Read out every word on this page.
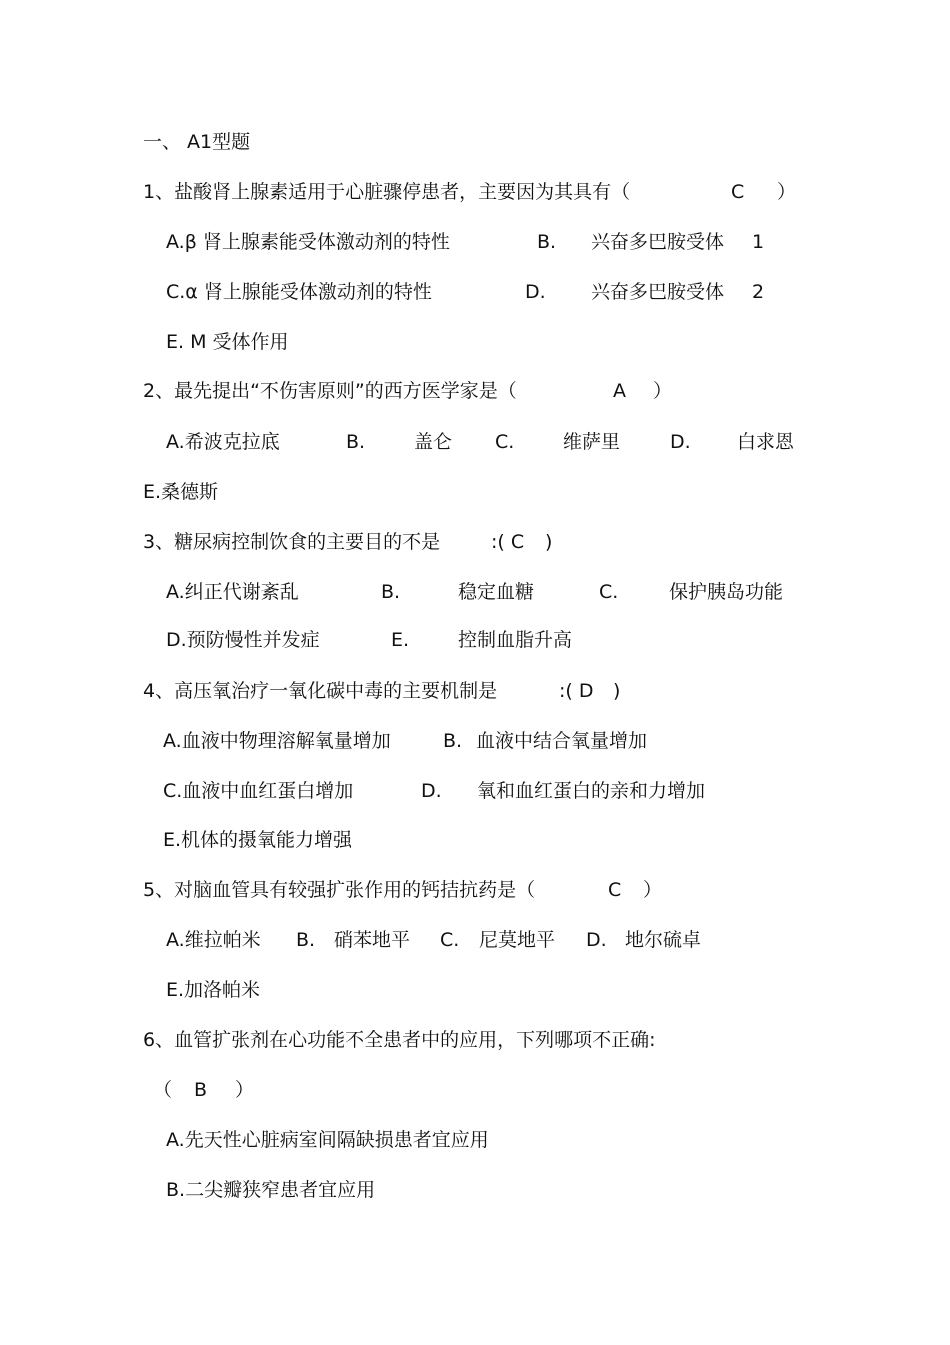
一、 A1型题
1、盐酸肾上腺素适用于心脏骤停患者，主要因为其具有（	C ）
A.β 肾上腺素能受体激动剂的特性	B. 兴奋多巴胺受体 1
C.α 肾上腺能受体激动剂的特性	D. 兴奋多巴胺受体 2
E. M 受体作用
2、最先提出“不伤害原则”的西方医学家是（	A ）
A.希波克拉底	B.	盖仑 C.	维萨里	D. 白求恩
E.桑德斯
3、糖尿病控制饮食的主要目的不是	:( C )
A.纠正代谢紊乱	B.	稳定血糖	C.	保护胰岛功能
D.预防慢性并发症	E.	控制血脂升高
4、高压氧治疗一氧化碳中毒的主要机制是	:( D )
A.血液中物理溶解氧量增加	B. 血液中结合氧量增加
C.血液中血红蛋白增加	D. 氧和血红蛋白的亲和力增加
E.机体的摄氧能力增强
5、对脑血管具有较强扩张作用的钙拮抗药是（	C ）
A.维拉帕米 B. 硝苯地平 C. 尼莫地平 D. 地尔硫卓
E.加洛帕米
6、血管扩张剂在心功能不全患者中的应用，下列哪项不正确:
（ B ）
A.先天性心脏病室间隔缺损患者宜应用
B.二尖瓣狭窄患者宜应用
